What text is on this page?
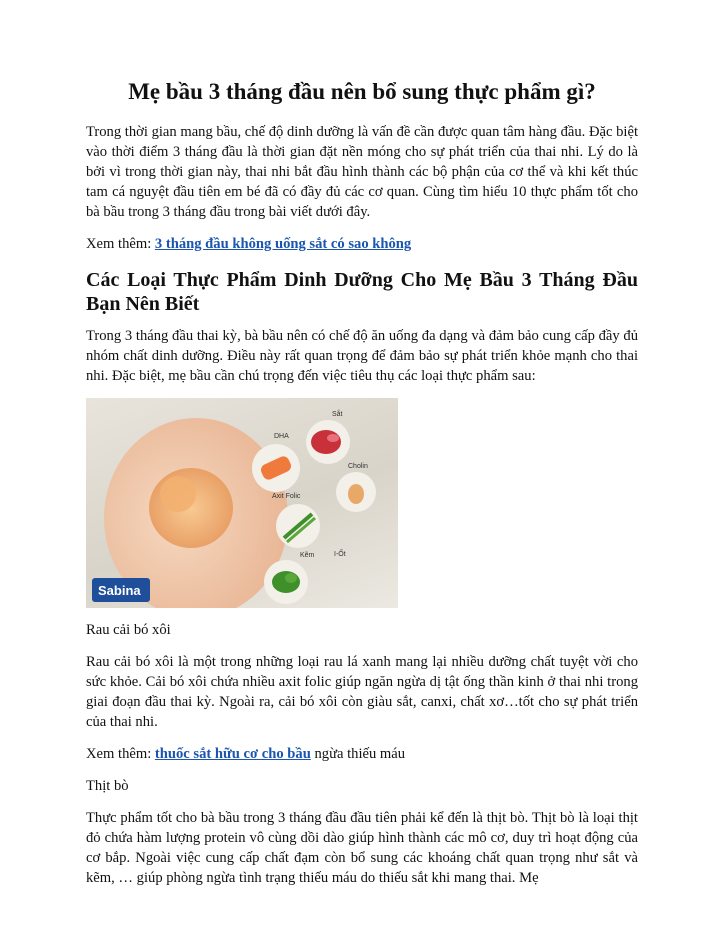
Mẹ bầu 3 tháng đầu nên bổ sung thực phẩm gì?

Trong thời gian mang bầu, chế độ dinh dưỡng là vấn đề cần được quan tâm hàng đầu. Đặc biệt vào thời điểm 3 tháng đầu là thời gian đặt nền móng cho sự phát triển của thai nhi. Lý do là bởi vì trong thời gian này, thai nhi bắt đầu hình thành các bộ phận của cơ thể và khi kết thúc tam cá nguyệt đầu tiên em bé đã có đầy đủ các cơ quan. Cùng tìm hiểu 10 thực phẩm tốt cho bà bầu trong 3 tháng đầu trong bài viết dưới đây.

Xem thêm: 3 tháng đầu không uống sắt có sao không

Các Loại Thực Phẩm Dinh Dưỡng Cho Mẹ Bầu 3 Tháng Đầu Bạn Nên Biết

Trong 3 tháng đầu thai kỳ, bà bầu nên có chế độ ăn uống đa dạng và đảm bảo cung cấp đầy đủ nhóm chất dinh dưỡng. Điều này rất quan trọng để đảm bảo sự phát triển khỏe mạnh cho thai nhi. Đặc biệt, mẹ bầu cần chú trọng đến việc tiêu thụ các loại thực phẩm sau:

Sắt
DHA
Cholin
Axit Folic
I-Ốt
Kẽm
Sabina

Rau cải bó xôi

Rau cải bó xôi là một trong những loại rau lá xanh mang lại nhiều dưỡng chất tuyệt vời cho sức khỏe. Cải bó xôi chứa nhiều axit folic giúp ngăn ngừa dị tật ống thần kinh ở thai nhi trong giai đoạn đầu thai kỳ. Ngoài ra, cải bó xôi còn giàu sắt, canxi, chất xơ…tốt cho sự phát triển của thai nhi.

Xem thêm: thuốc sắt hữu cơ cho bầu ngừa thiếu máu

Thịt bò

Thực phẩm tốt cho bà bầu trong 3 tháng đầu đầu tiên phải kể đến là thịt bò. Thịt bò là loại thịt đỏ chứa hàm lượng protein vô cùng dồi dào giúp hình thành các mô cơ, duy trì hoạt động của cơ bắp. Ngoài việc cung cấp chất đạm còn bổ sung các khoáng chất quan trọng như sắt và kẽm, … giúp phòng ngừa tình trạng thiếu máu do thiếu sắt khi mang thai. Mẹ
